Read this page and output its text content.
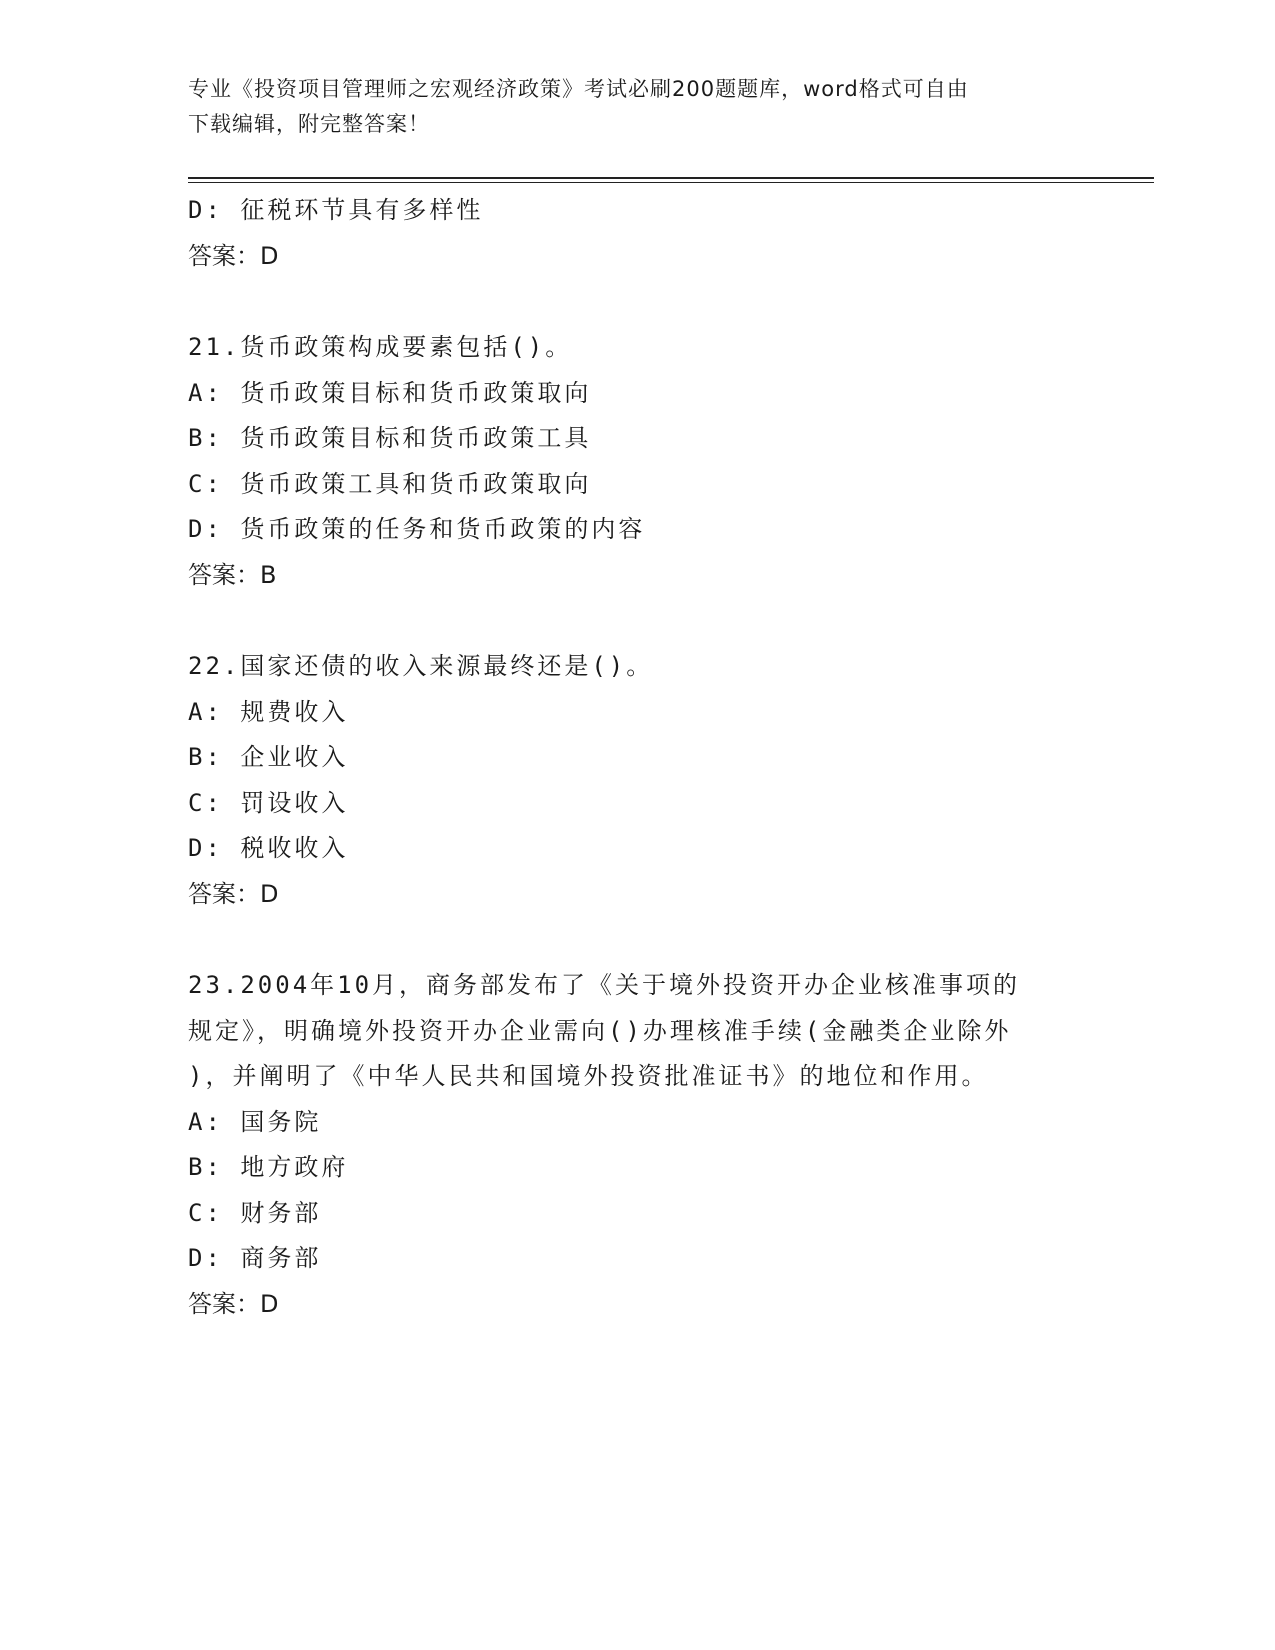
专业《投资项目管理师之宏观经济政策》考试必刷200题题库，word格式可自由
下载编辑，附完整答案！
D: 征税环节具有多样性
答案：D
21.货币政策构成要素包括()。
A: 货币政策目标和货币政策取向
B: 货币政策目标和货币政策工具
C: 货币政策工具和货币政策取向
D: 货币政策的任务和货币政策的内容
答案：B
22.国家还债的收入来源最终还是()。
A: 规费收入
B: 企业收入
C: 罚设收入
D: 税收收入
答案：D
23.2004年10月，商务部发布了《关于境外投资开办企业核准事项的
规定》，明确境外投资开办企业需向()办理核准手续(金融类企业除外
)，并阐明了《中华人民共和国境外投资批准证书》的地位和作用。
A: 国务院
B: 地方政府
C: 财务部
D: 商务部
答案：D
